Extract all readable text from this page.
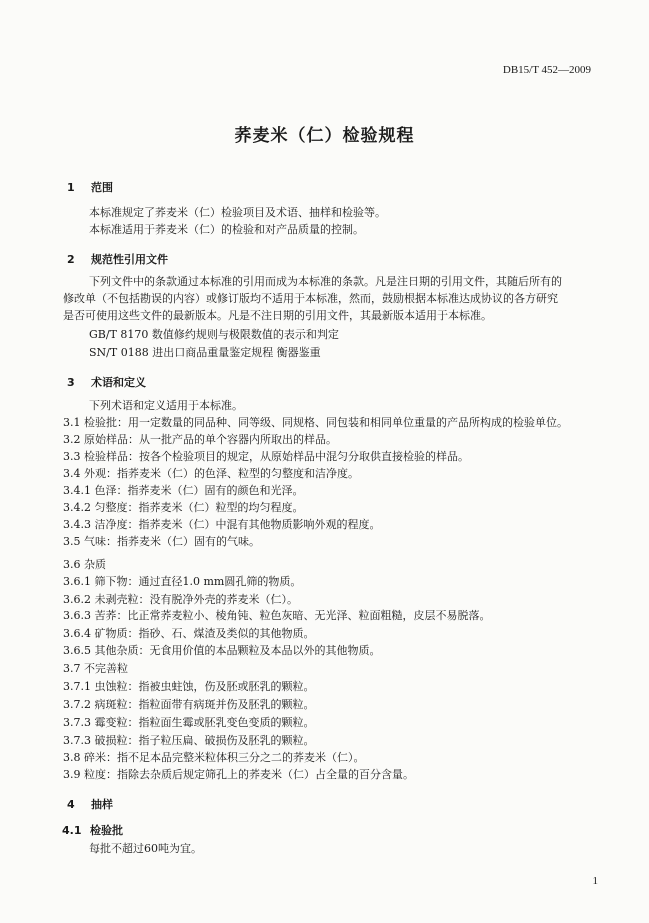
DB15/T 452—2009
荞麦米（仁）检验规程
1 范围
本标准规定了荞麦米（仁）检验项目及术语、抽样和检验等。
本标准适用于荞麦米（仁）的检验和对产品质量的控制。
2 规范性引用文件
下列文件中的条款通过本标准的引用而成为本标准的条款。凡是注日期的引用文件，其随后所有的
修改单（不包括勘误的内容）或修订版均不适用于本标准，然而，鼓励根据本标准达成协议的各方研究
是否可使用这些文件的最新版本。凡是不注日期的引用文件，其最新版本适用于本标准。
GB/T 8170 数值修约规则与极限数值的表示和判定
SN/T 0188 进出口商品重量鉴定规程 衡器鉴重
3 术语和定义
下列术语和定义适用于本标准。
3.1 检验批：用一定数量的同品种、同等级、同规格、同包装和相同单位重量的产品所构成的检验单位。
3.2 原始样品：从一批产品的单个容器内所取出的样品。
3.3 检验样品：按各个检验项目的规定，从原始样品中混匀分取供直接检验的样品。
3.4 外观：指荞麦米（仁）的色泽、粒型的匀整度和洁净度。
3.4.1 色泽：指荞麦米（仁）固有的颜色和光泽。
3.4.2 匀整度：指荞麦米（仁）粒型的均匀程度。
3.4.3 洁净度：指荞麦米（仁）中混有其他物质影响外观的程度。
3.5 气味：指荞麦米（仁）固有的气味。
3.6 杂质
3.6.1 筛下物：通过直径1.0 mm圆孔筛的物质。
3.6.2 未剥壳粒：没有脱净外壳的荞麦米（仁）。
3.6.3 苦荞：比正常荞麦粒小、棱角钝、粒色灰暗、无光泽、粒面粗糙，皮层不易脱落。
3.6.4 矿物质：指砂、石、煤渣及类似的其他物质。
3.6.5 其他杂质：无食用价值的本品颗粒及本品以外的其他物质。
3.7 不完善粒
3.7.1 虫蚀粒：指被虫蛀蚀，伤及胚或胚乳的颗粒。
3.7.2 病斑粒：指粒面带有病斑并伤及胚乳的颗粒。
3.7.3 霉变粒：指粒面生霉或胚乳变色变质的颗粒。
3.7.3 破损粒：指子粒压扁、破损伤及胚乳的颗粒。
3.8 碎米：指不足本品完整米粒体积三分之二的荞麦米（仁）。
3.9 粒度：指除去杂质后规定筛孔上的荞麦米（仁）占全量的百分含量。
4 抽样
4.1 检验批
每批不超过60吨为宜。
1
